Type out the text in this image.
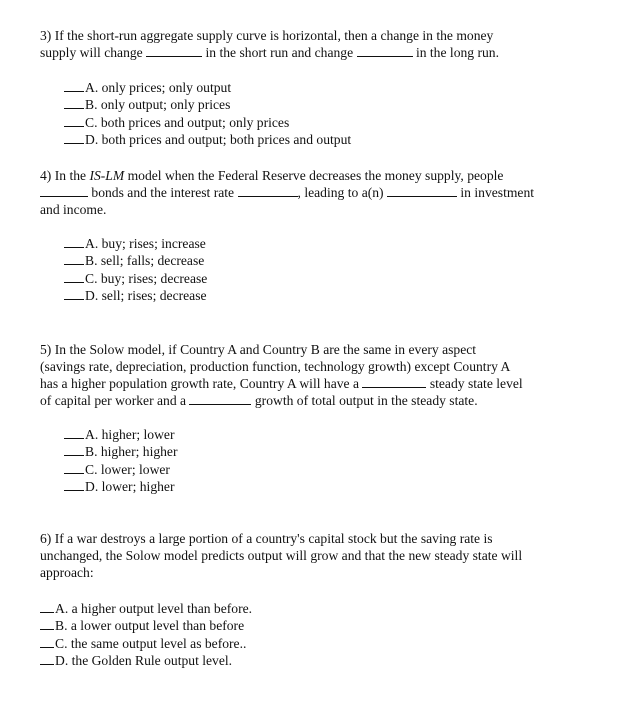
3) If the short-run aggregate supply curve is horizontal, then a change in the money
supply will change	in the short run and change	in the long run.
A. only prices; only output
B. only output; only prices
C. both prices and output; only prices
D. both prices and output; both prices and output
4) In the IS-LM model when the Federal Reserve decreases the money supply, people
bonds and the interest rate	, leading to a(n)	in investment
and income.
A. buy; rises; increase
B. sell; falls; decrease
C. buy; rises; decrease
D. sell; rises; decrease
5) In the Solow model, if Country A and Country B are the same in every aspect
(savings rate, depreciation, production function, technology growth) except Country A
has a higher population growth rate, Country A will have a	steady state level
of capital per worker and a	growth of total output in the steady state.
A. higher; lower
B. higher; higher
C. lower; lower
D. lower; higher
6) If a war destroys a large portion of a country's capital stock but the saving rate is
unchanged, the Solow model predicts output will grow and that the new steady state will
approach:
A. a higher output level than before.
B. a lower output level than before
C. the same output level as before..
D. the Golden Rule output level.
